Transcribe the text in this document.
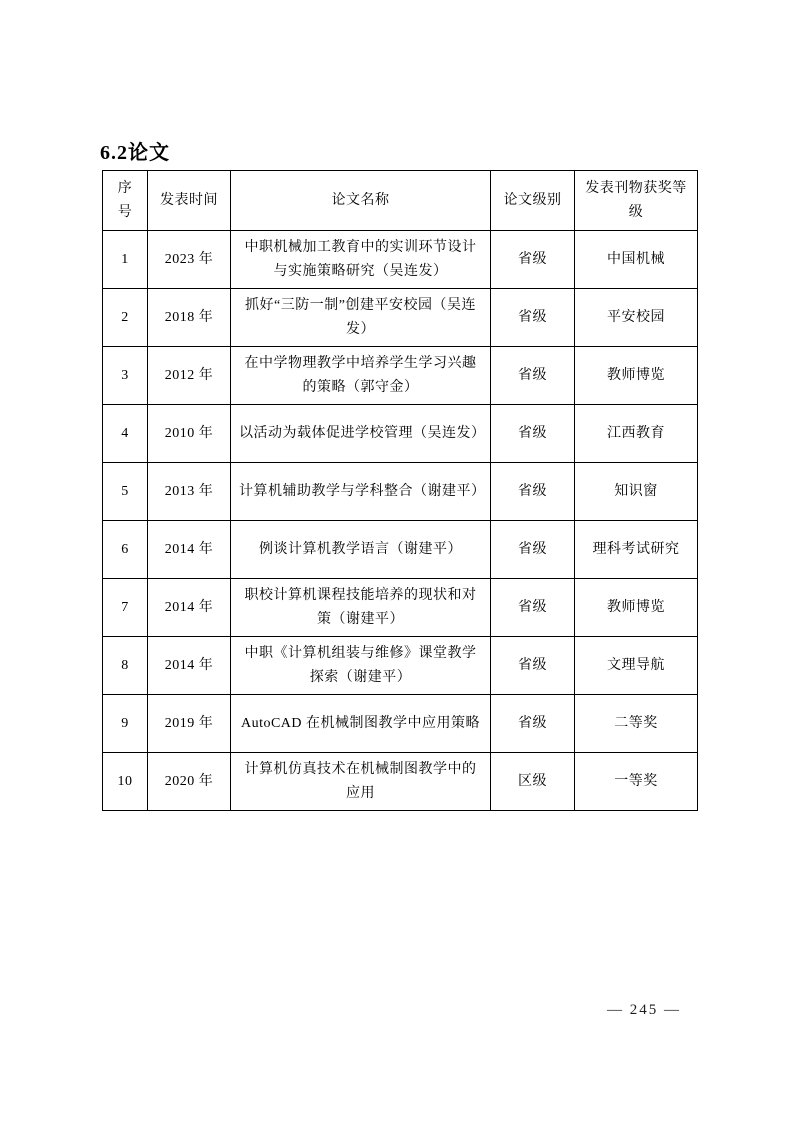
6.2论文
序号	发表时间	论文名称	论文级别	发表刊物获奖等级
1	2023 年	中职机械加工教育中的实训环节设计与实施策略研究（吴连发）	省级	中国机械
2	2018 年	抓好“三防一制”创建平安校园（吴连发）	省级	平安校园
3	2012 年	在中学物理教学中培养学生学习兴趣的策略（郭守金）	省级	教师博览
4	2010 年	以活动为载体促进学校管理（吴连发）	省级	江西教育
5	2013 年	计算机辅助教学与学科整合（谢建平）	省级	知识窗
6	2014 年	例谈计算机教学语言（谢建平）	省级	理科考试研究
7	2014 年	职校计算机课程技能培养的现状和对策（谢建平）	省级	教师博览
8	2014 年	中职《计算机组装与维修》课堂教学探索（谢建平）	省级	文理导航
9	2019 年	AutoCAD 在机械制图教学中应用策略	省级	二等奖
10	2020 年	计算机仿真技术在机械制图教学中的应用	区级	一等奖
— 245 —
